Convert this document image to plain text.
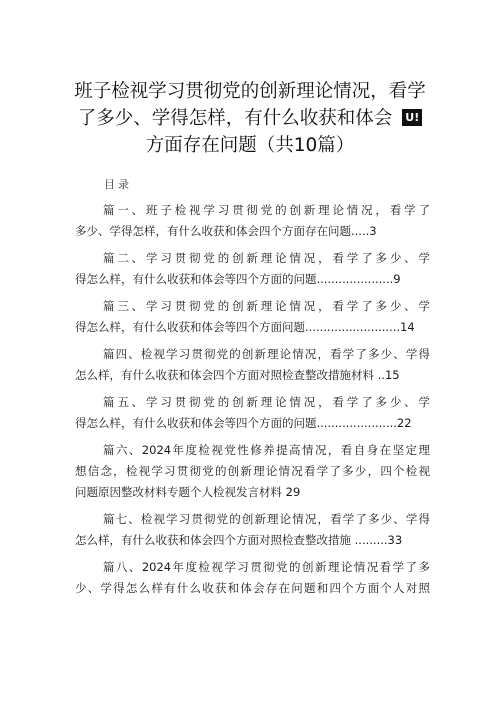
班子检视学习贯彻党的创新理论情况，看学
了多少、学得怎样，有什么收获和体会 U!
方面存在问题（共10篇）
目录
篇一、班子检视学习贯彻党的创新理论情况，看学了
多少、学得怎样，有什么收获和体会四个方面存在问题.....3
篇二、学习贯彻党的创新理论情况，看学了多少、学
得怎么样，有什么收获和体会等四个方面的问题.....................9
篇三、学习贯彻党的创新理论情况，看学了多少、学
得怎么样，有什么收获和体会等四个方面问题..........................14
篇四、检视学习贯彻党的创新理论情况，看学了多少、学得
怎么样，有什么收获和体会四个方面对照检查整改措施材料 ..15
篇五、学习贯彻党的创新理论情况，看学了多少、学
得怎么样，有什么收获和体会等四个方面的问题......................22
篇六、2024年度检视党性修养提高情况，看自身在坚定理
想信念，检视学习贯彻党的创新理论情况看学了多少，四个检视
问题原因整改材料专题个人检视发言材料 29
篇七、检视学习贯彻党的创新理论情况，看学了多少、学得
怎么样，有什么收获和体会四个方面对照检查整改措施 .........33
篇八、2024年度检视学习贯彻党的创新理论情况看学了多
少、学得怎么样有什么收获和体会存在问题和四个方面个人对照
